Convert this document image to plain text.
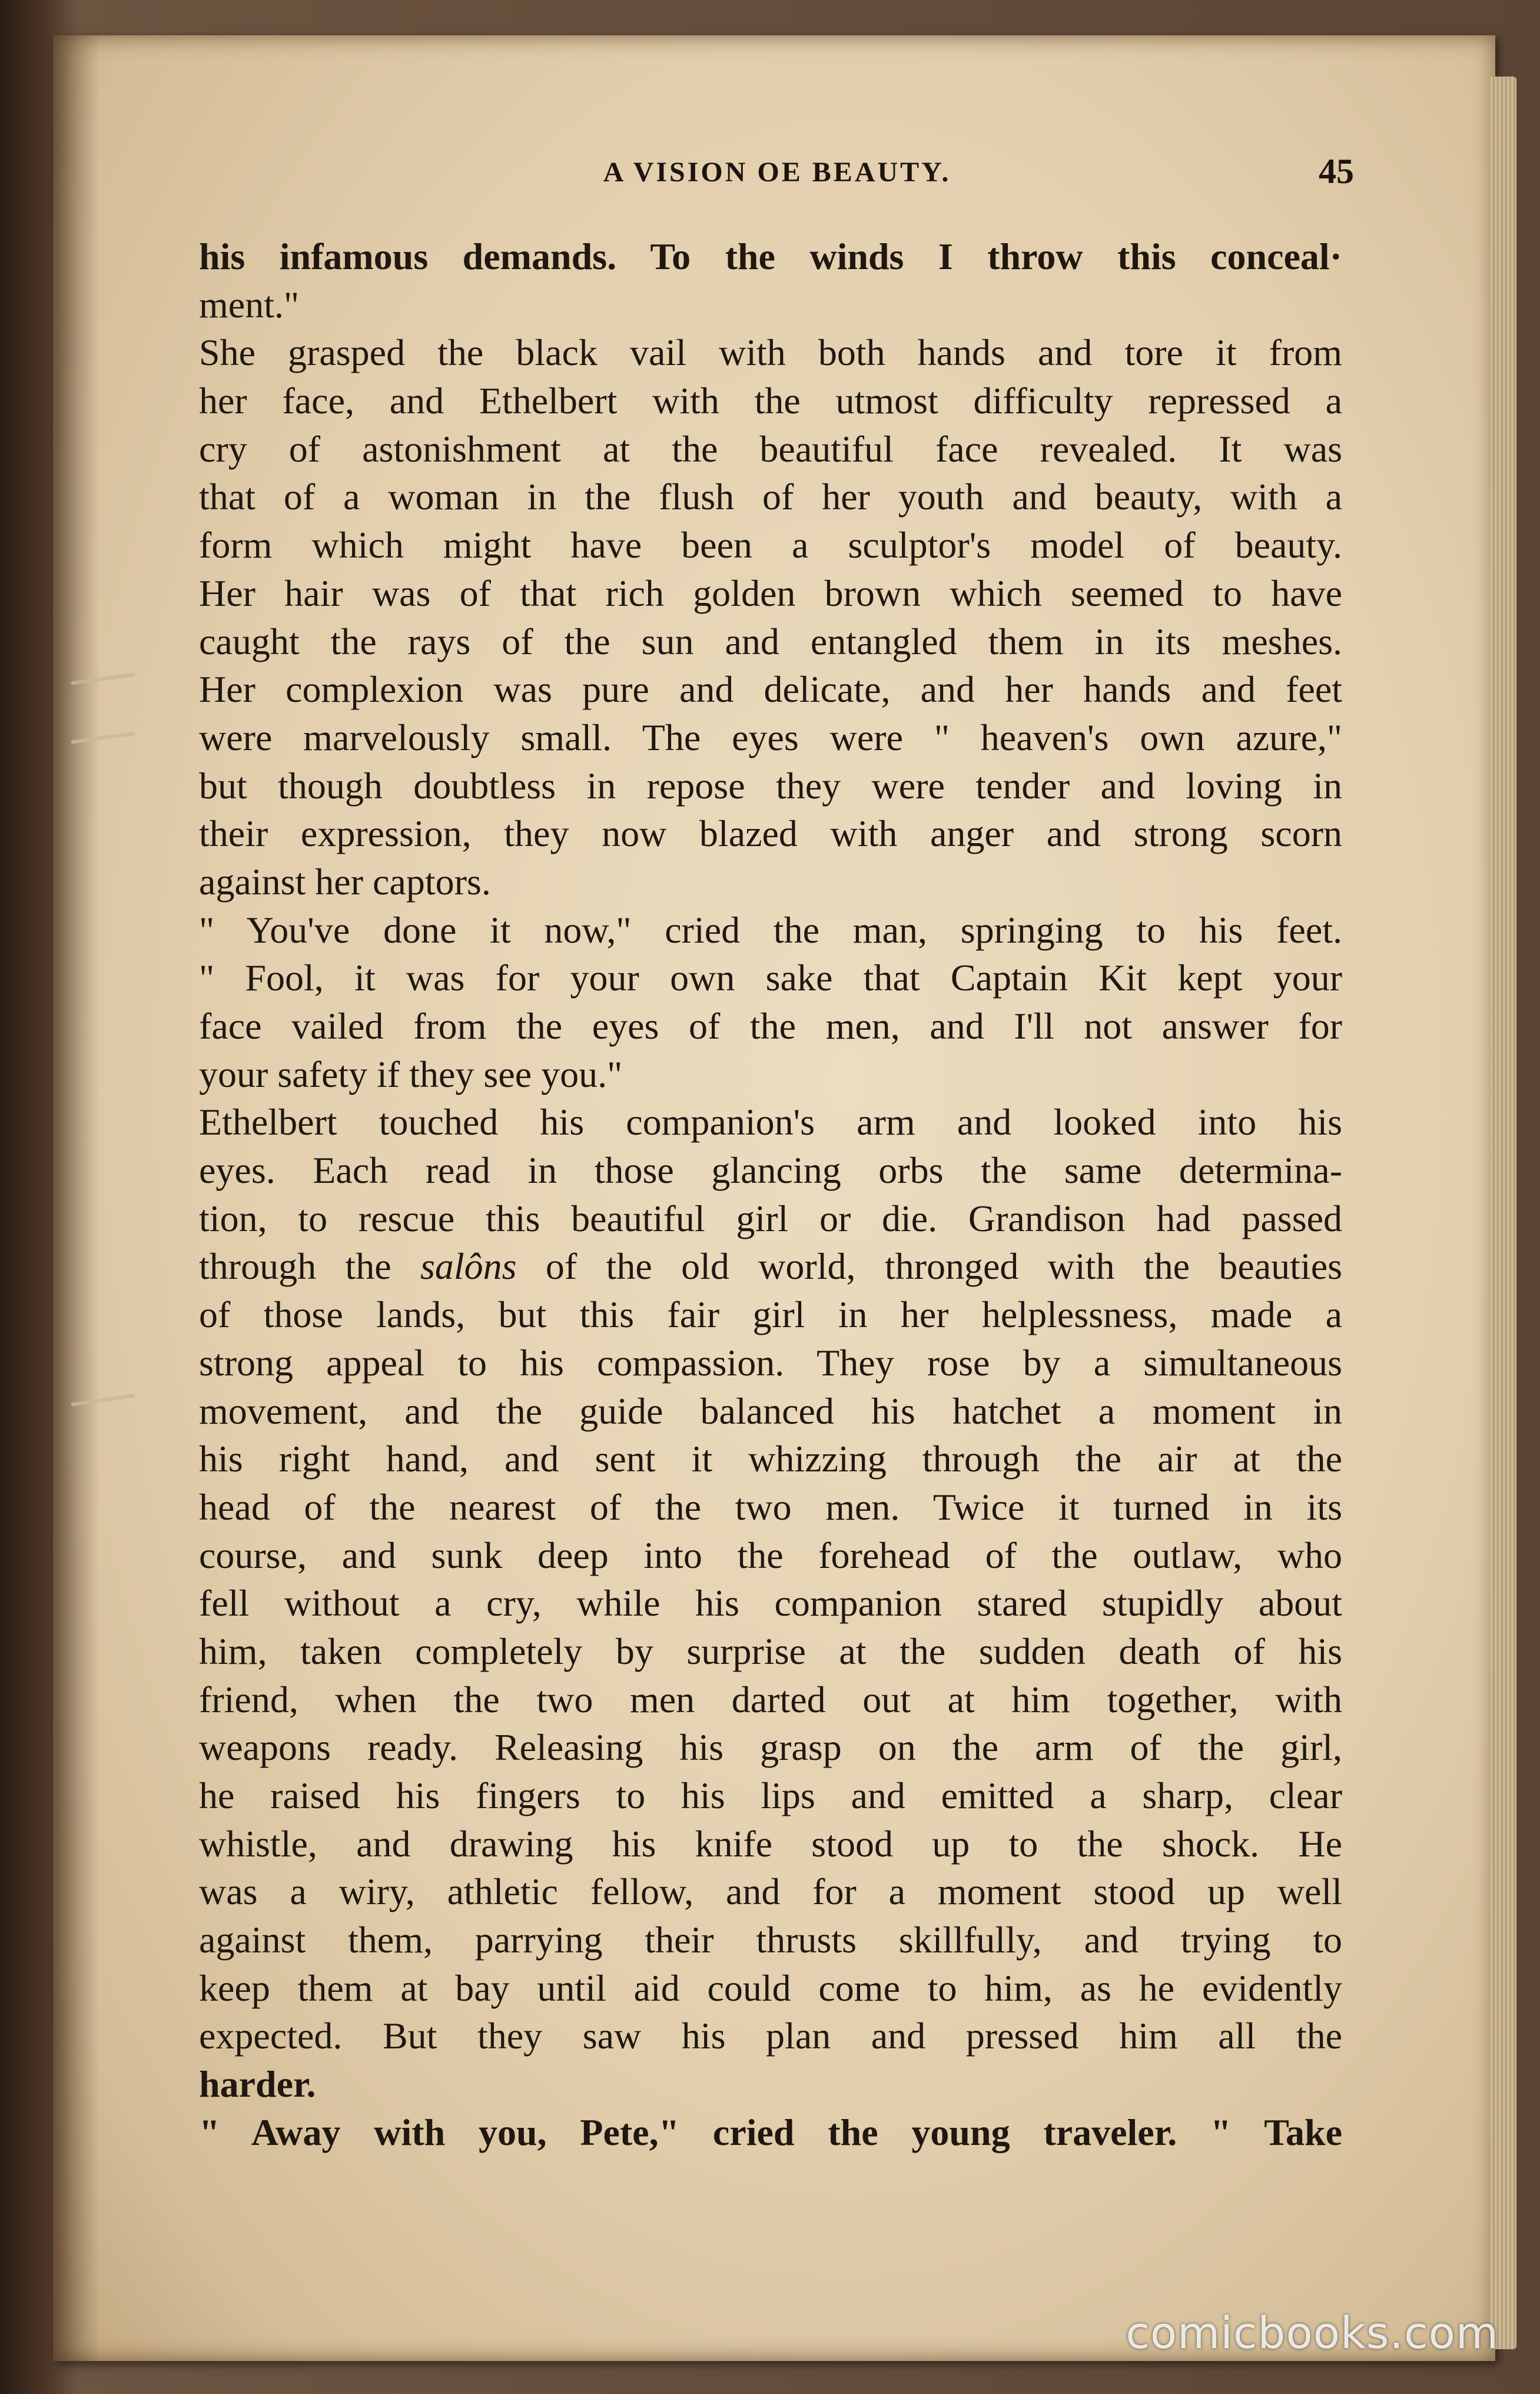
A VISION OE BEAUTY.	45
his infamous demands. To the winds I throw this conceal·
ment."
She grasped the black vail with both hands and tore it from
her face, and Ethelbert with the utmost difficulty repressed a
cry of astonishment at the beautiful face revealed. It was
that of a woman in the flush of her youth and beauty, with a
form which might have been a sculptor's model of beauty.
Her hair was of that rich golden brown which seemed to have
caught the rays of the sun and entangled them in its meshes.
Her complexion was pure and delicate, and her hands and feet
were marvelously small. The eyes were " heaven's own azure,"
but though doubtless in repose they were tender and loving in
their expression, they now blazed with anger and strong scorn
against her captors.
" You've done it now," cried the man, springing to his feet.
" Fool, it was for your own sake that Captain Kit kept your
face vailed from the eyes of the men, and I'll not answer for
your safety if they see you."
Ethelbert touched his companion's arm and looked into his
eyes. Each read in those glancing orbs the same determina-
tion, to rescue this beautiful girl or die. Grandison had passed
through the salôns of the old world, thronged with the beauties
of those lands, but this fair girl in her helplessness, made a
strong appeal to his compassion. They rose by a simultaneous
movement, and the guide balanced his hatchet a moment in
his right hand, and sent it whizzing through the air at the
head of the nearest of the two men. Twice it turned in its
course, and sunk deep into the forehead of the outlaw, who
fell without a cry, while his companion stared stupidly about
him, taken completely by surprise at the sudden death of his
friend, when the two men darted out at him together, with
weapons ready. Releasing his grasp on the arm of the girl,
he raised his fingers to his lips and emitted a sharp, clear
whistle, and drawing his knife stood up to the shock. He
was a wiry, athletic fellow, and for a moment stood up well
against them, parrying their thrusts skillfully, and trying to
keep them at bay until aid could come to him, as he evidently
expected. But they saw his plan and pressed him all the
harder.
" Away with you, Pete," cried the young traveler. " Take
comicbooks.com
